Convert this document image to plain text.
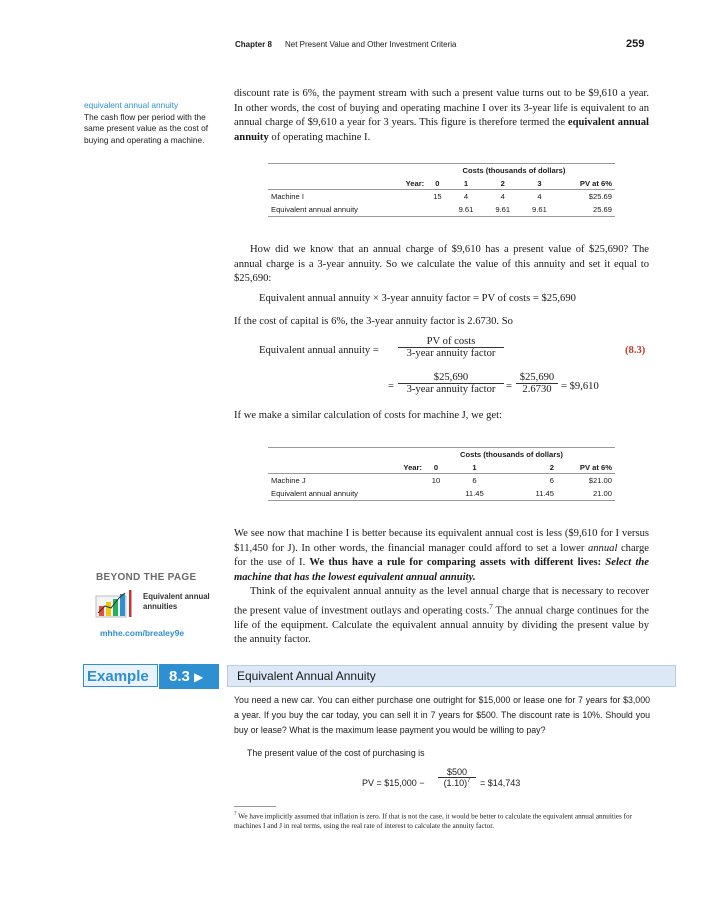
Chapter 8 Net Present Value and Other Investment Criteria	259
equivalent annual annuity
The cash flow per period with the same present value as the cost of buying and operating a machine.

discount rate is 6%, the payment stream with such a present value turns out to be $9,610 a year. In other words, the cost of buying and operating machine I over its 3-year life is equivalent to an annual charge of $9,610 a year for 3 years. This figure is therefore termed the equivalent annual annuity of operating machine I.

	Costs (thousands of dollars)					
Year:		0	1	2	3	PV at 6%
Machine I		15	4	4	4	$25.69
Equivalent annual annuity			9.61	9.61	9.61	25.69

How did we know that an annual charge of $9,610 has a present value of $25,690? The annual charge is a 3-year annuity. So we calculate the value of this annuity and set it equal to $25,690:

Equivalent annual annuity × 3-year annuity factor = PV of costs = $25,690
If the cost of capital is 6%, the 3-year annuity factor is 2.6730. So
Equivalent annual annuity =
PV of costs
3-year annuity factor	(8.3)
=
$25,690
3-year annuity factor =
$25,690
2.6730 = $9,610
If we make a similar calculation of costs for machine J, we get:
	Costs (thousands of dollars)				
Year:		0	1	2	PV at 6%
Machine J		10	6	6	$21.00
Equivalent annual annuity			11.45	11.45	21.00

We see now that machine I is better because its equivalent annual cost is less ($9,610 for I versus $11,450 for J). In other words, the financial manager could afford to set a lower annual charge for the use of I. We thus have a rule for comparing assets with different lives: Select the machine that has the lowest equivalent annual annuity.

Think of the equivalent annual annuity as the level annual charge that is necessary to recover the present value of investment outlays and operating costs.$^7$ The annual charge continues for the life of the equipment. Calculate the equivalent annual annuity by dividing the present value by the annuity factor.

BEYOND THE PAGE
Equivalent annual
annuities
mhhe.com/brealey9e
Example	8.3 ▶	Equivalent Annual Annuity

You need a new car. You can either purchase one outright for $15,000 or lease one for 7 years for $3,000 a year. If you buy the car today, you can sell it in 7 years for $500. The discount rate is 10%. Should you buy or lease? What is the maximum lease payment you would be willing to pay?

The present value of the cost of purchasing is
PV = $15,000 −
$500
$(1.10)^7$	= $14,743
$^7$ We have implicitly assumed that inflation is zero. If that is not the case, it would be better to calculate the equivalent annual annuities for machines I and J in real terms, using the real rate of interest to calculate the annuity factor.
